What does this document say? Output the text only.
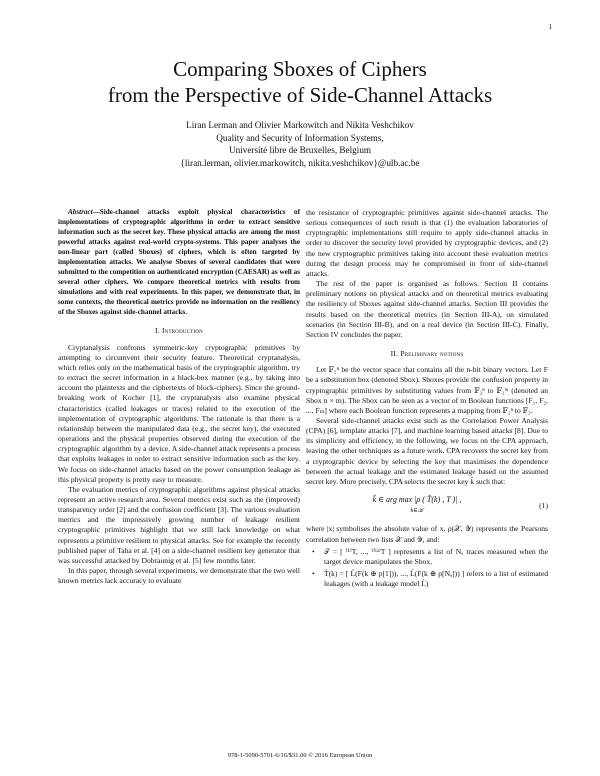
1
Comparing Sboxes of Ciphers
from the Perspective of Side-Channel Attacks
Liran Lerman and Olivier Markowitch and Nikita Veshchikov
Quality and Security of Information Systems,
Université libre de Bruxelles, Belgium
{liran.lerman, olivier.markowitch, nikita.veshchikov}@ulb.ac.be

Abstract—Side-channel attacks exploit physical characteristics of implementations of cryptographic algorithms in order to extract sensitive information such as the secret key. These physical attacks are among the most powerful attacks against real-world crypto-systems. This paper analyses the non-linear part (called Sboxes) of ciphers, which is often targeted by implementation attacks. We analyse Sboxes of several candidates that were submitted to the competition on authenticated encryption (CAESAR) as well as several other ciphers. We compare theoretical metrics with results from simulations and with real experiments. In this paper, we demonstrate that, in some contexts, the theoretical metrics provide no information on the resiliency of the Sboxes against side-channel attacks.

I. Introduction

Cryptanalysis confronts symmetric-key cryptographic primitives by attempting to circumvent their security feature. Theoretical cryptanalysis, which relies only on the mathematical basis of the cryptographic algorithm, try to extract the secret information in a black-box manner (e.g., by taking into account the plaintexts and the ciphertexts of block-ciphers). Since the ground-breaking work of Kocher [1], the cryptanalysts also examine physical characteristics (called leakages or traces) related to the execution of the implementation of cryptographic algorithms. The rationale is that there is a relationship between the manipulated data (e.g., the secret key), the executed operations and the physical properties observed during the execution of the cryptographic algorithm by a device. A side-channel attack represents a process that exploits leakages in order to extract sensitive information such as the key. We focus on side-channel attacks based on the power consumption leakage as this physical property is pretty easy to measure.

The evaluation metrics of cryptographic algorithms against physical attacks represent an active research area. Several metrics exist such as the (improved) transparency order [2] and the confusion coefficient [3]. The various evaluation metrics and the impressively growing number of leakage resilient cryptographic primitives highlight that we still lack knowledge on what represents a primitive resilient to physical attacks. See for example the recently published paper of Taha et al. [4] on a side-channel resilient key generator that was successful attacked by Dobraunig et al. [5] few months later.

In this paper, through several experiments, we demonstrate that the two well known metrics lack accuracy to evaluate

the resistance of cryptographic primitives against side-channel attacks. The serious consequences of such result is that (1) the evaluation laboratories of cryptographic implementations still require to apply side-channel attacks in order to discover the security level provided by cryptographic devices, and (2) the new cryptographic primitives taking into account these evaluation metrics during the design process may be compromised in front of side-channel attacks.

The rest of the paper is organised as follows. Section II contains preliminary notions on physical attacks and on theoretical metrics evaluating the resiliency of Sboxes against side-channel attacks. Section III provides the results based on the theoretical metrics (in Section III-A), on simulated scenarios (in Section III-B), and on a real device (in Section III-C). Finally, Section IV concludes the paper.

II. Preliminary notions

Let 𝔽₂ⁿ be the vector space that contains all the n-bit binary vectors. Let F be a substitution box (denoted Sbox). Sboxes provide the confusion property in cryptographic primitives by substituting values from 𝔽₂ⁿ to 𝔽₂ᵐ (denoted an Sbox n × m). The Sbox can be seen as a vector of m Boolean functions [F₁, F₂, ..., Fₘ] where each Boolean function represents a mapping from 𝔽₂ⁿ to 𝔽₂.

Several side-channel attacks exist such as the Correlation Power Analysis (CPA) [6], template attacks [7], and machine learning based attacks [8]. Due to its simplicity and efficiency, in the following, we focus on the CPA approach, leaving the other techniques as a future work. CPA recovers the secret key from a cryptographic device by selecting the key that maximises the dependence between the actual leakage and the estimated leakage based on the assumed secret key. More precisely, CPA selects the secret key k̂ such that:

k̂ ∈ arg max |ρ ( T̂(k) , T )| ,
k∈𝒦
(1)

where |x| symbolises the absolute value of x, ρ(𝒳, 𝒴) represents the Pearsons correlation between two lists 𝒳 and 𝒴, and:

• 𝒯 = [ ⁽¹⁾T, ..., ⁽ᴺᵃ⁾T ] represents a list of Nₐ traces measured when the target device manipulates the Sbox,
• T̂(k) = [ L̂(F(k ⊕ p[1])), ..., L̂(F(k ⊕ p[Nₐ])) ] refers to a list of estimated leakages (with a leakage model L̂)
978-1-5090-5701-6/16/$31.00 © 2016 European Union
